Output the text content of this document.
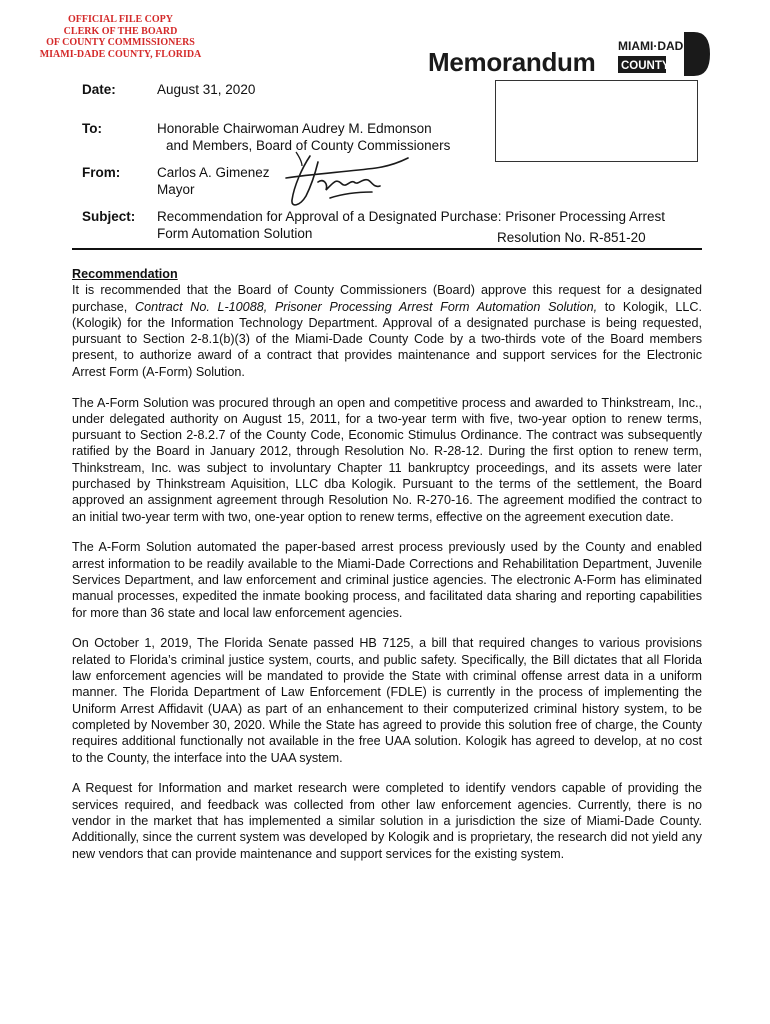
OFFICIAL FILE COPY
CLERK OF THE BOARD
OF COUNTY COMMISSIONERS
MIAMI-DADE COUNTY, FLORIDA	Memorandum
MIAMI·DADE
COUNTY
Date:	August 31, 2020
To:	Honorable Chairwoman Audrey M. Edmonson
and Members, Board of County Commissioners
From:	Carlos A. Gimenez
Mayor
Subject: Recommendation for Approval of a Designated Purchase: Prisoner Processing Arrest
Form Automation Solution	Resolution No. R-851-20
Recommendation

It is recommended that the Board of County Commissioners (Board) approve this request for a designated purchase, Contract No. L-10088, Prisoner Processing Arrest Form Automation Solution, to Kologik, LLC. (Kologik) for the Information Technology Department. Approval of a designated purchase is being requested, pursuant to Section 2-8.1(b)(3) of the Miami-Dade County Code by a two-thirds vote of the Board members present, to authorize award of a contract that provides maintenance and support services for the Electronic Arrest Form (A-Form) Solution.

The A-Form Solution was procured through an open and competitive process and awarded to Thinkstream, Inc., under delegated authority on August 15, 2011, for a two-year term with five, two-year option to renew terms, pursuant to Section 2-8.2.7 of the County Code, Economic Stimulus Ordinance. The contract was subsequently ratified by the Board in January 2012, through Resolution No. R-28-12. During the first option to renew term, Thinkstream, Inc. was subject to involuntary Chapter 11 bankruptcy proceedings, and its assets were later purchased by Thinkstream Aquisition, LLC dba Kologik. Pursuant to the terms of the settlement, the Board approved an assignment agreement through Resolution No. R-270-16. The agreement modified the contract to an initial two-year term with two, one-year option to renew terms, effective on the agreement execution date.

The A-Form Solution automated the paper-based arrest process previously used by the County and enabled arrest information to be readily available to the Miami-Dade Corrections and Rehabilitation Department, Juvenile Services Department, and law enforcement and criminal justice agencies. The electronic A-Form has eliminated manual processes, expedited the inmate booking process, and facilitated data sharing and reporting capabilities for more than 36 state and local law enforcement agencies.

On October 1, 2019, The Florida Senate passed HB 7125, a bill that required changes to various provisions related to Florida’s criminal justice system, courts, and public safety. Specifically, the Bill dictates that all Florida law enforcement agencies will be mandated to provide the State with criminal offense arrest data in a uniform manner. The Florida Department of Law Enforcement (FDLE) is currently in the process of implementing the Uniform Arrest Affidavit (UAA) as part of an enhancement to their computerized criminal history system, to be completed by November 30, 2020. While the State has agreed to provide this solution free of charge, the County requires additional functionally not available in the free UAA solution. Kologik has agreed to develop, at no cost to the County, the interface into the UAA system.

A Request for Information and market research were completed to identify vendors capable of providing the services required, and feedback was collected from other law enforcement agencies. Currently, there is no vendor in the market that has implemented a similar solution in a jurisdiction the size of Miami-Dade County. Additionally, since the current system was developed by Kologik and is proprietary, the research did not yield any new vendors that can provide maintenance and support services for the existing system.
